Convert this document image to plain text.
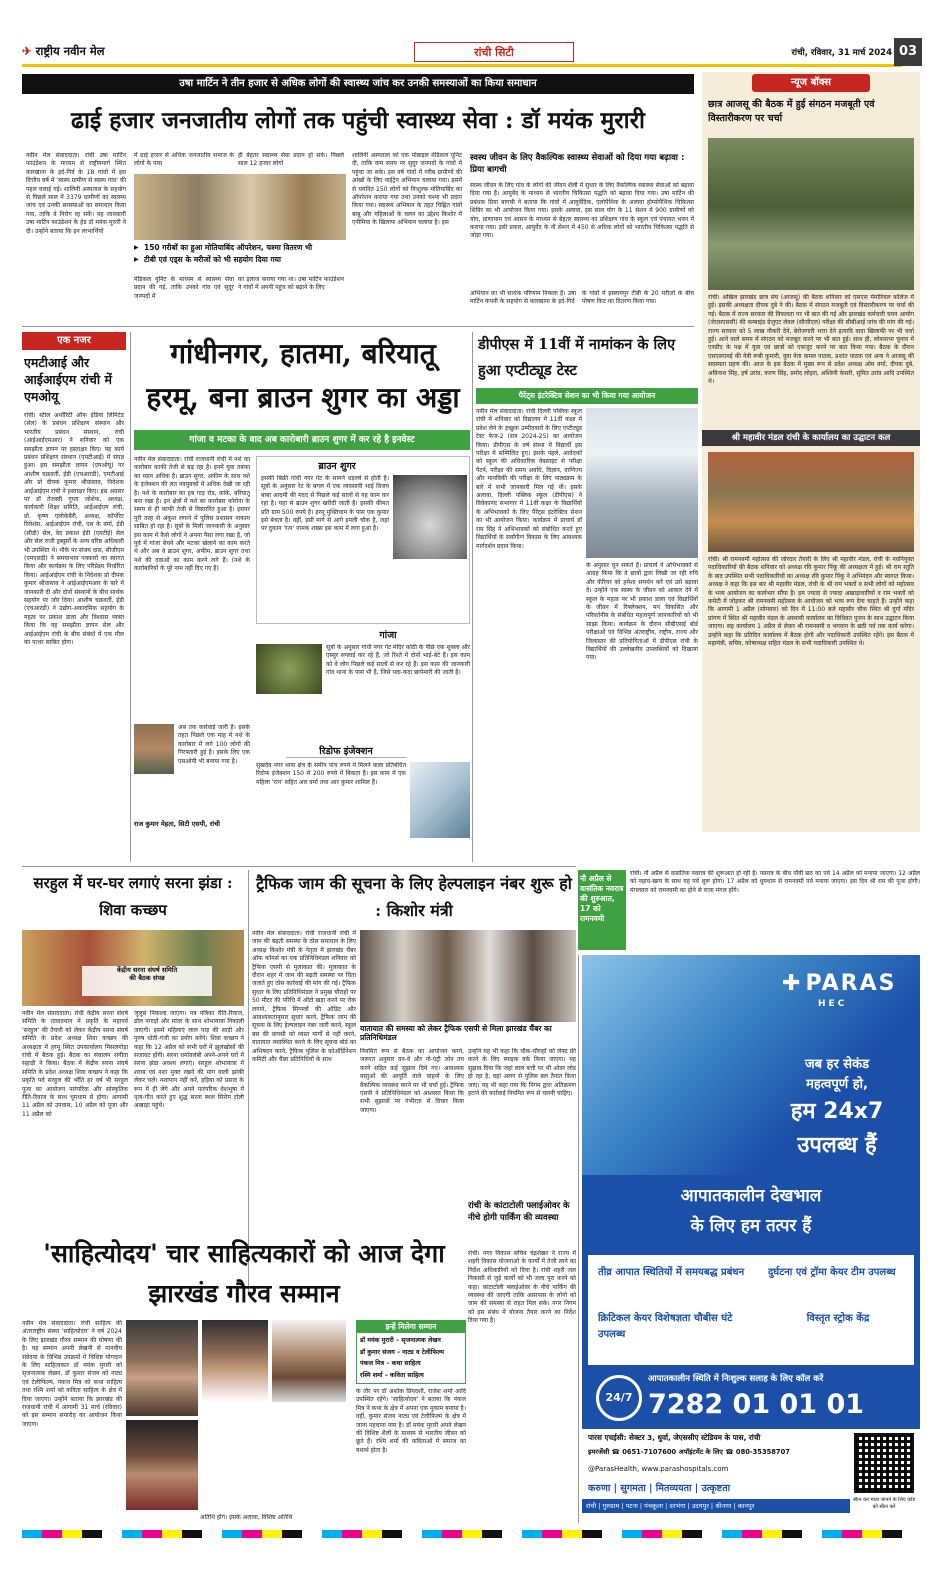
✈ राष्ट्रीय नवीन मेल	रांची सिटी	रांची, रविवार, 31 मार्च 2024 03
उषा मार्टिन ने तीन हजार से अधिक लोगों की स्वास्थ्य जांच कर उनकी समस्याओं का किया समाधान
ढाई हजार जनजातीय लोगों तक पहुंची स्वास्थ्य सेवा : डॉ मयंक मुरारी
नवीन मेल संवाददाता। रांची उषा मार्टिन फाउंडेशन के माध्यम से राष्ट्रीयमार्ग स्थित कारखाना के इर्द-गिर्द के 18 गांवों में इस वित्तीय वर्ष में 'स्वस्थ ग्रामीण से स्वस्थ गांव' की पहल चलाई गई। शालिनी अस्पताल के सहयोग से पिछले साल में 3379 ग्रामीणों का स्वास्थ्य जांच एवं उनकी समस्याओं का समाधान किया गया, ताकि वे निरोग रह सकें। यह जानकारी उषा मार्टिन फाउंडेशन के हेड डॉ मयंक मुरारी ने दी। उन्होंने बताया कि इन लाभार्थियों
में ढाई हजार से अधिक जनजातीय समाज के लोगों के पास
ही बेहतर स्वास्थ्य सेवा प्रदान हो सके। पिछले साल 12 हजार लोगों
▶ 150 गरीबों का हुआ मोतियाबिंद ऑपरेशन, चश्मा वितरण भी
▶ टीबी एवं एड्स के मरीजों को भी सहयोग दिया गया
मेडिकल यूनिट के माध्यम से स्वास्थ्य सेवा प्रदान की गई, ताकि उनको गांव एवं सुदूर जनपदों में
का इलाज कराया गया था। उषा मार्टिन फाउंडेशन ने गांवों में अपनी पहुंच को बढ़ाने के लिए
शालिनी अस्पताल को एक मोबाइल मेडिकल यूनिट दी, ताकि कम समय पर सुदूर जनपदों के गांवों में पहुंचा जा सके। इस वर्ष गांवों में गरीब ग्रामीणों की आंखों के लिए नाईट्रेन अभियान चलाया गया। इसमें से चयनित 150 लोगों को निःशुल्क मोतियाबिंद का ऑपरेशन कराया गया तथा उनको चश्मा भी प्रदान किया गया। स्वास्थ्य अभियान के तहत चिह्नित गांवों बाबू और महिलाओं के चलन का उद्देश्य किशोर में एनीमिया के खिलाफ अभियान चलाया है। इस
स्वस्थ जीवन के लिए वैकल्पिक स्वास्थ्य सेवाओं को दिया गया बढ़ावा : प्रिया बागची
स्वस्थ जीवन के लिए गांव के लोगों की जीवन शैली में सुधार के लिए वैकल्पिक स्वास्थ्य सेवाओं को बढ़ावा दिया गया है। आयुर्वेद के माध्यम से भारतीय चिकित्सा पद्धति को बढ़ावा दिया गया। उषा मार्टिन की प्रबंधक प्रिया बागची ने बताया कि गांवों में आयुर्वेदिक, एलोपैथिक के अलावा होम्योपैथिक चिकित्सा शिविर का भी आयोजन किया गया। इसके अलावा, इस साल योग के 11 सेशन में 900 ग्रामीणों को योग, प्राणायाम एवं आसन के माध्यम से बेहतर स्वास्थ्य का प्रशिक्षण गांव के स्कूल एवं पंचायत भवन में कराया गया। इसी प्रकार, आयुर्वेद के नौ सेशन में 450 से अधिक लोगों को भारतीय चिकित्सा पद्धति से जोड़ा गया।
अभियान का भी सार्थक परिणाम निकला है। उषा मार्टिन कंपनी के सहयोग से कारखाना के इर्द-गिर्द
के गांवों में इस्लामपुर टीबी के 20 मरीजों के बीच पोषण किट का वितरण किया गया।
न्यूज बॉक्स
छात्र आजसू की बैठक में हुई संगठन मजबूती एवं विस्तारीकरण पर चर्चा
रांची। अखिल झारखंड छात्र संघ (आजसू) की बैठक शनिवार को एसएस मेमोरियल कॉलेज में हुई। इसकी अध्यक्षता दीपक दुबे ने की। बैठक में संगठन मजबूती एवं विस्तारीकरण पर चर्चा की गई। बैठक में राज्य सरकार की विफलता पर भी बात की गई और झारखंड कर्मचारी चयन आयोग (जेएसएससी) की कम्बाइंड ग्रेजुएट लेवल (सीजीएल) परीक्षा की सीबीआई जांच की मांग की गई। राज्य सरकार को 5 लाख नौकरी देने, बेरोजगारी भत्ता देने इत्यादि वादा खिलाफी पर भी चर्चा हुई। आने वाले समय में संगठन को मजबूत करने पर भी बात हुई। साथ ही, लोकसभा चुनाव में एनडीए के पक्ष में युवा एवं छात्रों को एकजुट करने पर बात किया गया। बैठक के दौरान एसएसएमई की नेत्री रूबी कुमारी, युवा नेता कमल पाठक, प्रशांत पाठक एवं अन्य ने आजसू की सदस्यता ग्रहण की। आज के इस बैठक में मुख्य रूप से प्रदेश अध्यक्ष ओम वर्मा, दीपक दुबे, अविनाश सिंह, हर्ष उरांव, करण सिंह, प्रमोद लोहरा, अश्विनी केसरी, सुमित उरांव आदि उपस्थित थे।
श्री महावीर मंडल रांची के कार्यालय का उद्घाटन कल
रांची। श्री रामनवमी महोत्सव की जोरदार तैयारी के लिए श्री महावीर मंडल, रांची के नवनियुक्त पदाधिकारियों की बैठक शनिवार को अध्यक्ष रवि कुमार पिंकू की अध्यक्षता में हुई। श्री राम स्तुति के बाद उपस्थित सभी पदाधिकारियों का अध्यक्ष रवि कुमार पिंकू ने अभिनंदन और स्वागत किया। अध्यक्ष ने कहा कि इस बार श्री महावीर मंडल, रांची के श्री राम भक्तों व सभी लोगों को महोत्सव के भव्य आयोजन का कार्यभार सौंपा है। हम ज्यादा से ज्यादा अखाड़ाधारियों व राम भक्तों को कमेटी में जोड़कर श्री रामनवमी महोत्सव के आयोजन को भव्य रूप देना चाहते हैं। उन्होंने कहा कि आगामी 1 अप्रैल (सोमवार) को दिन में 11:00 बजे महावीर चौक स्थित श्री दुर्गा मंदिर प्रांगण में स्थित श्री महावीर मंडल के अस्थायी कार्यालय का विधिवत पूजन के साथ उद्घाटन किया जाएगा। सह कार्यालय 1 अप्रैल से लेकर श्री रामनवमी व भगवान के छठी पर्व तक कार्य करेगा। उन्होंने कहा कि प्रतिदिन कार्यालय में बैठक होगी और पदाधिकारी उपस्थित रहेंगे। इस बैठक में महामंत्री, सचिव, कोषाध्यक्ष सहित मंडल के सभी पदाधिकारी उपस्थित थे।
नौ अप्रैल से वासंतिक नवरात्र की शुरुआत, 17 को रामनवमी
रांची। नौ अप्रैल से वासंतिक नवरात्र की शुरूआत हो रही है। नवरात्र के बीच पौवी छठ का पर्व 14 अप्रैल को मनाया जाएगा। 12 अप्रैल को नहाय-खाय के साथ यह पर्व शुरू होगा। 17 अप्रैल को धूमधाम से रामनवमी पर्व मनाया जाएगा। इस दिन श्री राम की पूजा होगी। मंगलवार को रामनवमी का होने से राजा मंगल होंगे।
एक नजर
एमटीआई और आईआईएम रांची में एमओयू
रांची। स्टील अथॉरिटी ऑफ इंडिया लिमिटेड (सेल) के प्रबंधन प्रशिक्षण संस्थान और भारतीय प्रबंधन संस्थान, रांची (आईआईएमआर) ने शनिवार को एक समझौता ज्ञापन पर हस्ताक्षर किए। यह कार्य प्रबंधन प्रशिक्षण संस्थान (एमटीआई) में संपन्न हुआ। इस समझौता ज्ञापन (एमओयू) पर आशीष चक्रवर्ती, ईडी (एचआरडी), एमटीआई और प्रो दीपक कुमार श्रीवास्तव, निदेशक आईआईएम रांची ने हस्ताक्षर किए। इस अवसर पर डॉ तेजस्वी गुप्ता जोशेफ, अध्यक्ष, कार्यकारी शिक्षा समिति, आईआईएम रांची, प्रो. कृष्ण एलोकेबैरी, अध्यक्ष, कॉर्पोरेट रिलेशंस, आईआईएम रांची, एस के वर्मा, ईडी (सीडी) सेल, वेद प्रकाश ईडी (एमटीई) सेल और सेल राजी ड्रब्यूर्सों के अन्य वरिष्ठ अधिकारी भी उपस्थित थे। मौके पर संजय दास, सीजीएम (एमएसडी) ने समयाभाव पत्रकारों का स्वागत किया और कार्यक्रम के लिए परिप्रेक्ष्य निर्धारित किया। आईआईएम रांची के निदेशक प्रो दीपक कुमार श्रीवास्तव ने आईआईएमआर के बारे में जानकारी दी और दोनों संस्थानों के बीच सार्थक सहयोग पर जोर दिया। आशीष चक्रवर्ती, ईडी (एचआरडी) ने उद्योग-अकादमिक सहयोग के महत्व पर प्रकाश डाला और विश्वास व्यक्त किया कि यह समझौता ज्ञापन सेल और आईआईएम रांची के बीच संबंधों में एक मील का पत्थर साबित होगा।
गांधीनगर, हातमा, बरियातू हरमू, बना ब्राउन शुगर का अड्डा
गांजा व मटका के बाद अब कारोबारी ब्राउन शुगर में कर रहे है इनवेस्ट
नवीन मेल संवाददाता। रांची राजधानी रांची में नशे का कारोबार काफी तेजी से बढ़ रहा है। इनमें युवा तबका का ध्यान अधिक है। ब्राउन शुगर, अफीम के साथ नशे के इंजेक्शन की लत नवयुवकों में अधिक देखी जा रही है। नशे के कारोबार का हब गाड़ रोड, कांके, बरियातू बना रखा है। इन क्षेत्रों में नशे का कारोबार कोरोना के समय से ही काफी तेजी से विस्तारित हुआ है। इसपर पूरी तरह से अंकुश लगाने में पुलिस प्रशासन नाकाम साबित हो रहा है। सूत्रों के मिली जानकारी के अनुसार इस काम में कैसे लोगों ने अपना पैसा लगा रखा है, जो पूर्व में गांजा बेचने और मटका खेलाने का काम करते थे और अब वे ब्राउन शुगर, अफीम, ब्राउन शुगर तथा नशे की दवाओं का काम करने लगे हैं। (नशे के कारोबारियों के पूरे नाम नहीं दिए गए है)
अब तक कार्रवाई जारी है। इसके तहत पिछले एक माह में नशे के कारोबार में लगे 100 लोगों की गिरफ्तारी हुई है। इसके लिए एक एसओपी भी बनाया गया है।
राज कुमार मेहता, सिटी एसपी, रांची
ब्राउन शुगर
इसकी बिक्री गांधी नगर गेट के सामने धड़ल्ले से होती है। सूत्रों के अनुसार रेट के बगल में एक व्यवसायी भाई विजय बाबा आदमी की मदद से पिछले कई सालों से यह काम कर रहा है। यहां से ब्राउन शुगर खरीदी जाती है। इसकी कीमत प्रति ग्राम 500 रुपये है। हरमू मुक्तिधाम के पास एक कुमार इसे बेचता है। वहीं, इसी मार्ग से आगे इमली चौक है, जहां पर दुकान 'रत्न' नामक शख्स इस काम में लगा हुआ है।
गांजा
सूत्रों के अनुसार गांधी नगर गेट मंदिर कोठी के पीछे एक शुक्ला और एस्सुर सप्लाई कर रहे हैं, जो रिश्ते में दोनों भाई-बेटे हैं। इस काम को वे लोग पिछले कई सालों से कर रहे हैं। इस काम की जानकारी गांव थाना के पास भी है, जिसे यदा-कदा छापेमारी की जाती है।
रिडोफ इंजेक्शन
सुखदेव नगर थाना क्षेत्र के समीप पांच रुपये में मिलने वाला प्रतिबंधित रिडोफ इंजेक्शन 150 से 200 रुपये में बिकता है। इस काम में एक महिला 'रत्न' सहित आर वर्मा तथा आर कुमार शामिल हैं।
डीपीएस में 11वीं में नामांकन के लिए हुआ एप्टीट्यूड टेस्ट
पैरेंट्स इंटरेक्टिव सेशन का भी किया गया आयोजन
नवीन मेल संवाददाता। रांची दिल्ली पब्लिक स्कूल रांची में शनिवार को विद्यालय में 11वीं कक्षा में प्रवेश लेने के इच्छुक उम्मीदवारों के लिए एप्टीट्यूड टेस्ट फेज-2 (सत्र 2024-25) का आयोजन किया। डीपीएस के वर्ष संस्था में विद्यार्थी इस परीक्षा में सम्मिलित हुए। इसके पहले, आवेदकों को स्कूल की अधिकारिक वेबसाइट से परीक्षा पैटर्न, परीक्षा की समय अवधि, विज्ञान, वाणिज्य और मानविकी की परीक्षा के लिए पाठ्यक्रम के बारे में सभी जानकारी मिल गई थी। इसके अलावा, दिल्ली पब्लिक स्कूल (डीपीएस) ने विवेकानंद सभागार में 11वीं कक्षा के विद्यार्थियों के अभिभावकों के लिए पैरेंट्स इंटरेक्टिव सेशन का भी आयोजन किया। कार्यक्रम में प्राचार्य डॉ राम सिंह ने अभिभावकों को संबोधित करते हुए विद्यार्थियों के सर्वांगीण विकास के लिए आवश्यक मार्गदर्शन प्रदान किया।
के अनुसार चुन सकते हैं। प्राचार्य ने अभिभावकों से आग्रह किया कि वे छात्रों द्वारा लिखी जा रही रुचि और कॅरियर को हमेशा समर्थन करें एवं उसे बढ़ावा दें। उन्होंने एक स्वस्थ के जीवन को आकार देने में स्कूल के महत्व पर भी प्रकाश डाला एवं विद्यार्थियों के जीवन में रिफ्लेक्शन, मन विकसित और परिवर्तनीय के संबंधित महत्वपूर्ण जानकारियों को भी साझा किया। कार्यक्रम के दौरान सीबीएसई बोर्ड परीक्षाओं एवं विभिन्न अंतराष्ट्रीय, राष्ट्रीय, राज्य और जिलास्तर की प्रतियोगिताओं में डीपीएस रांची के विद्यार्थियों की उल्लेखनीय उपलब्धियों को दिखाया गया।
सरहुल में घर-घर लगाएं सरना झंडा : शिवा कच्छप
केंद्रीय सरना संघर्ष समिति
की बैठक संपन्न
नवीन मेल संवाददाता। रांची केंद्रीय सरना संघर्ष समिति के तत्वावधान में प्रकृति के महापर्व 'सरहुल' की तैयारी को लेकर केंद्रीय सरना संघर्ष समिति के प्रदेश अध्यक्ष शिवा कच्छप की अध्यक्षता में हरमू स्थित उपकार्यालय मिसलगोड़ा रांची में बैठक हुई। बैठक का संचालन संगीता सहाड़ी ने किया। बैठक में केंद्रीय सरना संघर्ष समिति के प्रदेश अध्यक्ष शिवा कच्छप ने कहा कि प्रकृति पर्व सरहुल की भाँति हर वर्ष भी सरहुल पूजा का आयोजन पारंपरिक और सांस्कृतिक रीति-रिवाज के साथ धूमधाम से होगा। आगामी 11 अप्रैल को उपवास, 10 अप्रैल को पूजा और 11 अप्रैल को
जुलूस निकाला जाएगा। पत्र पत्रिका रीति-रिवाज, ढोल नगाड़ों और मांदर के साथ शोभायात्रा निकाली जाएगी। इसमें महिलाएं लाल पाड़ की साड़ी और पुरुष धोती-गंजी का प्रयोग करेंगे। शिवा कच्छप ने कहा कि 12 अप्रैल को सभी घरों में झुलंखोसों की सजावट होंगी। सरना धर्मावलंबी अपने-अपने घरों में सरना झंडा अवश्य लगाएं। सरहुल शोभायात्रा में शराब एवं नशा मुक्त रखने की मांग वाली झांकी लेकर चलें। नशापान नहीं करें, हड़िया को प्रसाद के रूप में ही लेंगे और अपने पारंपरिक वेशभूषा में नृत्य-गीत करते हुए शुद्ध सरना स्थल सिरोम टोली अखाड़ा पहुंचें।
ट्रैफिक जाम की सूचना के लिए हेल्पलाइन नंबर शुरू हो : किशोर मंत्री
नवीन मेल संवाददाता। रांची राजधानी रांची में जाम की बढ़ती समस्या के ठोस समाधान के लिए अध्यक्ष किशोर मंत्री के नेतृत्व में झारखंड चैंबर ऑफ कॉमर्स का एक प्रतिनिधिमंडल शनिवार को ट्रैफिक एसपी से मुलाकात की। मुलाकात के दौरान शहर में जाम की बढ़ती समस्या पर चिंता जताते हुए ठोस कार्रवाई की मांग की गई। ट्रैफिक सुधार के लिए प्रतिनिधिमंडल ने प्रमुख चौराहों पर 50 मीटर की परिधि में ऑटो खड़ा करने पर रोक लगाने, ट्रैफिक सिग्नलों की ऑडिट और आवश्यकतानुसार सुधार करने, ट्रैफिक जाम की सूचना के लिए हेल्पलाइन नंबर जारी करने, स्कूल बस की वापसी को व्यस्त मार्गों से नहीं करने, यातायात व्यवस्थित करने के लिए सूचना बोर्ड का अभिषदन करने, ट्रैफिक पुलिस के कोऑर्डिनेशन कमिटी और चैंबर प्रतिनिधियों के साथ
यातायात की समस्या को लेकर ट्रैफिक एसपी से मिला झारखंड चैंबर का प्रतिनिधिमंडल
नियमित रूप से बैठक का आयोजन करने, जरूरत अनुसार वन-वे और नो-एंट्री जोन तय करने सहित कई सुझाव दिये गए। आवश्यक वस्तुओं की आपूर्ति वाले वाहनों के लिए वैकल्पिक व्यवस्था करने पर भी चर्चा हुई। ट्रैफिक एसपी ने प्रतिनिधिमंडल को आश्वस्त किया कि सभी सुझावों पर गंभीरता से विचार किया जाएगा।
उन्होंने यह भी कहा कि चौक-चौराहों को लेफ्ट फ्री करने के लिए स्पाइक वर्क किया जाएगा। यह सुझाव दिया कि जहां लाल बत्ती पर भी ओवर लोड हो रहा है, वहां अलग से पुलिस बल तैनात किया जाए। यह भी कहा गया कि निगम द्वारा अतिक्रमण हटाने की कार्रवाई नियमित रूप से चलनी चाहिए।
रांची के कांटाटोली फ्लाईओवर के नीचे होगी पार्किंग की व्यवस्था
रांची। नगर विकास सचिव चंद्रशेखर ने राज्य में शहरी विकास योजनाओं के कार्यों में तेजी लाने का निर्देश अधिकारियों को दिया है। रांची शहरी जल निकासी से जुड़े कार्यों को भी जल्द पूरा करने को कहा। कांटाटोली फ्लाईओवर के नीचे पार्किंग की व्यवस्था की जाएगी ताकि आसपास के लोगों को जाम की समस्या से राहत मिल सके। नगर निगम को इस संबंध में योजना तैयार करने का निर्देश दिया गया है।
'साहित्योदय' चार साहित्यकारों को आज देगा झारखंड गौरव सम्मान
नवीन मेल संवाददाता। रांची साहित्य की अंतरराष्ट्रीय संस्था 'साहित्योदय' ने वर्ष 2024 के लिए झारखंड गौरव सम्मान की घोषणा की है। यह सम्मान अपनी लेखनी से मानवीय संवेदना के विभिन्न उपक्रमों में विशिष्ट योगदान के लिए साहित्यकार डॉ मयंक मुरारी को सृजनात्मक लेखन, डॉ कुमार संजय को नाट्य एवं टेलीफिल्म, पंकज मित्र को कथा साहित्य तथा रश्मि शर्मा को कविता साहित्य के क्षेत्र में दिया जाएगा। उन्होंने बताया कि झारखंड की राजधानी रांची में आगामी 31 मार्च (रविवार) को इस सम्मान समारोह का आयोजन किया जाएगा।
अतिथि होंगे। इसके अलावा, विशिष्ट अतिथि
इन्हें मिलेगा सम्मान
डॉ मयंक मुरारी – सृजनात्मक लेखन
डॉ कुमार संजय – नाट्य व टेलीफिल्म
पंकज मित्र – कथा साहित्य
रश्मि शर्मा – कविता साहित्य
के तौर पर डॉ अशोक प्रियदर्शी, राजेश शर्मा आदि उपस्थित रहेंगे। 'साहित्योदय' ने बताया कि पंकज मित्र ने कथा के क्षेत्र में अपना एक मुकाम बनाया है। वहीं, कुमार संजय नाट्य एवं टेलीफिल्म के क्षेत्र में जाना पहचाना नाम है। डॉ मयंक मुरारी अपने लेखन की विशिष्ट शैली के माध्यम से भारतीय जीवन को छूते हैं। रश्मि शर्मा की कविताओं में समाज का यथार्थ होता है।
✚ PARAS
HEC
जब हर सेकंड
महत्वपूर्ण हो,
हम 24x7
उपलब्ध हैं
आपातकालीन देखभाल
के लिए हम तत्पर हैं
तीव्र आपात स्थितियों में समयबद्ध प्रबंधन	दुर्घटना एवं ट्रॉमा केयर टीम उपलब्ध
क्रिटिकल केयर विशेषज्ञता चौबीस घंटे उपलब्ध
विस्तृत स्ट्रोक केंद्र
24/7
आपातकालीन स्थिति में निःशुल्क सलाह के लिए कॉल करें
7282 01 01 01
पारस एचईसी: सेक्टर 3, धुर्वा, जेएससीए स्टेडियम के पास, रांची
इमरजेंसी ☎ 0651-7107600 अपॉइंटमेंट के लिए ☎ 080-35358707
@ParasHealth, www.parashospitals.com
करुणा | सुगमता | मितव्ययता | उत्कृष्टता
रांची | गुरुग्राम | पटना | पंचकूला | दरभंगा | उदयपुर | श्रीनगर | कानपुर
स्कैन कर माता जानने के लिए कोड को स्कैन करें
